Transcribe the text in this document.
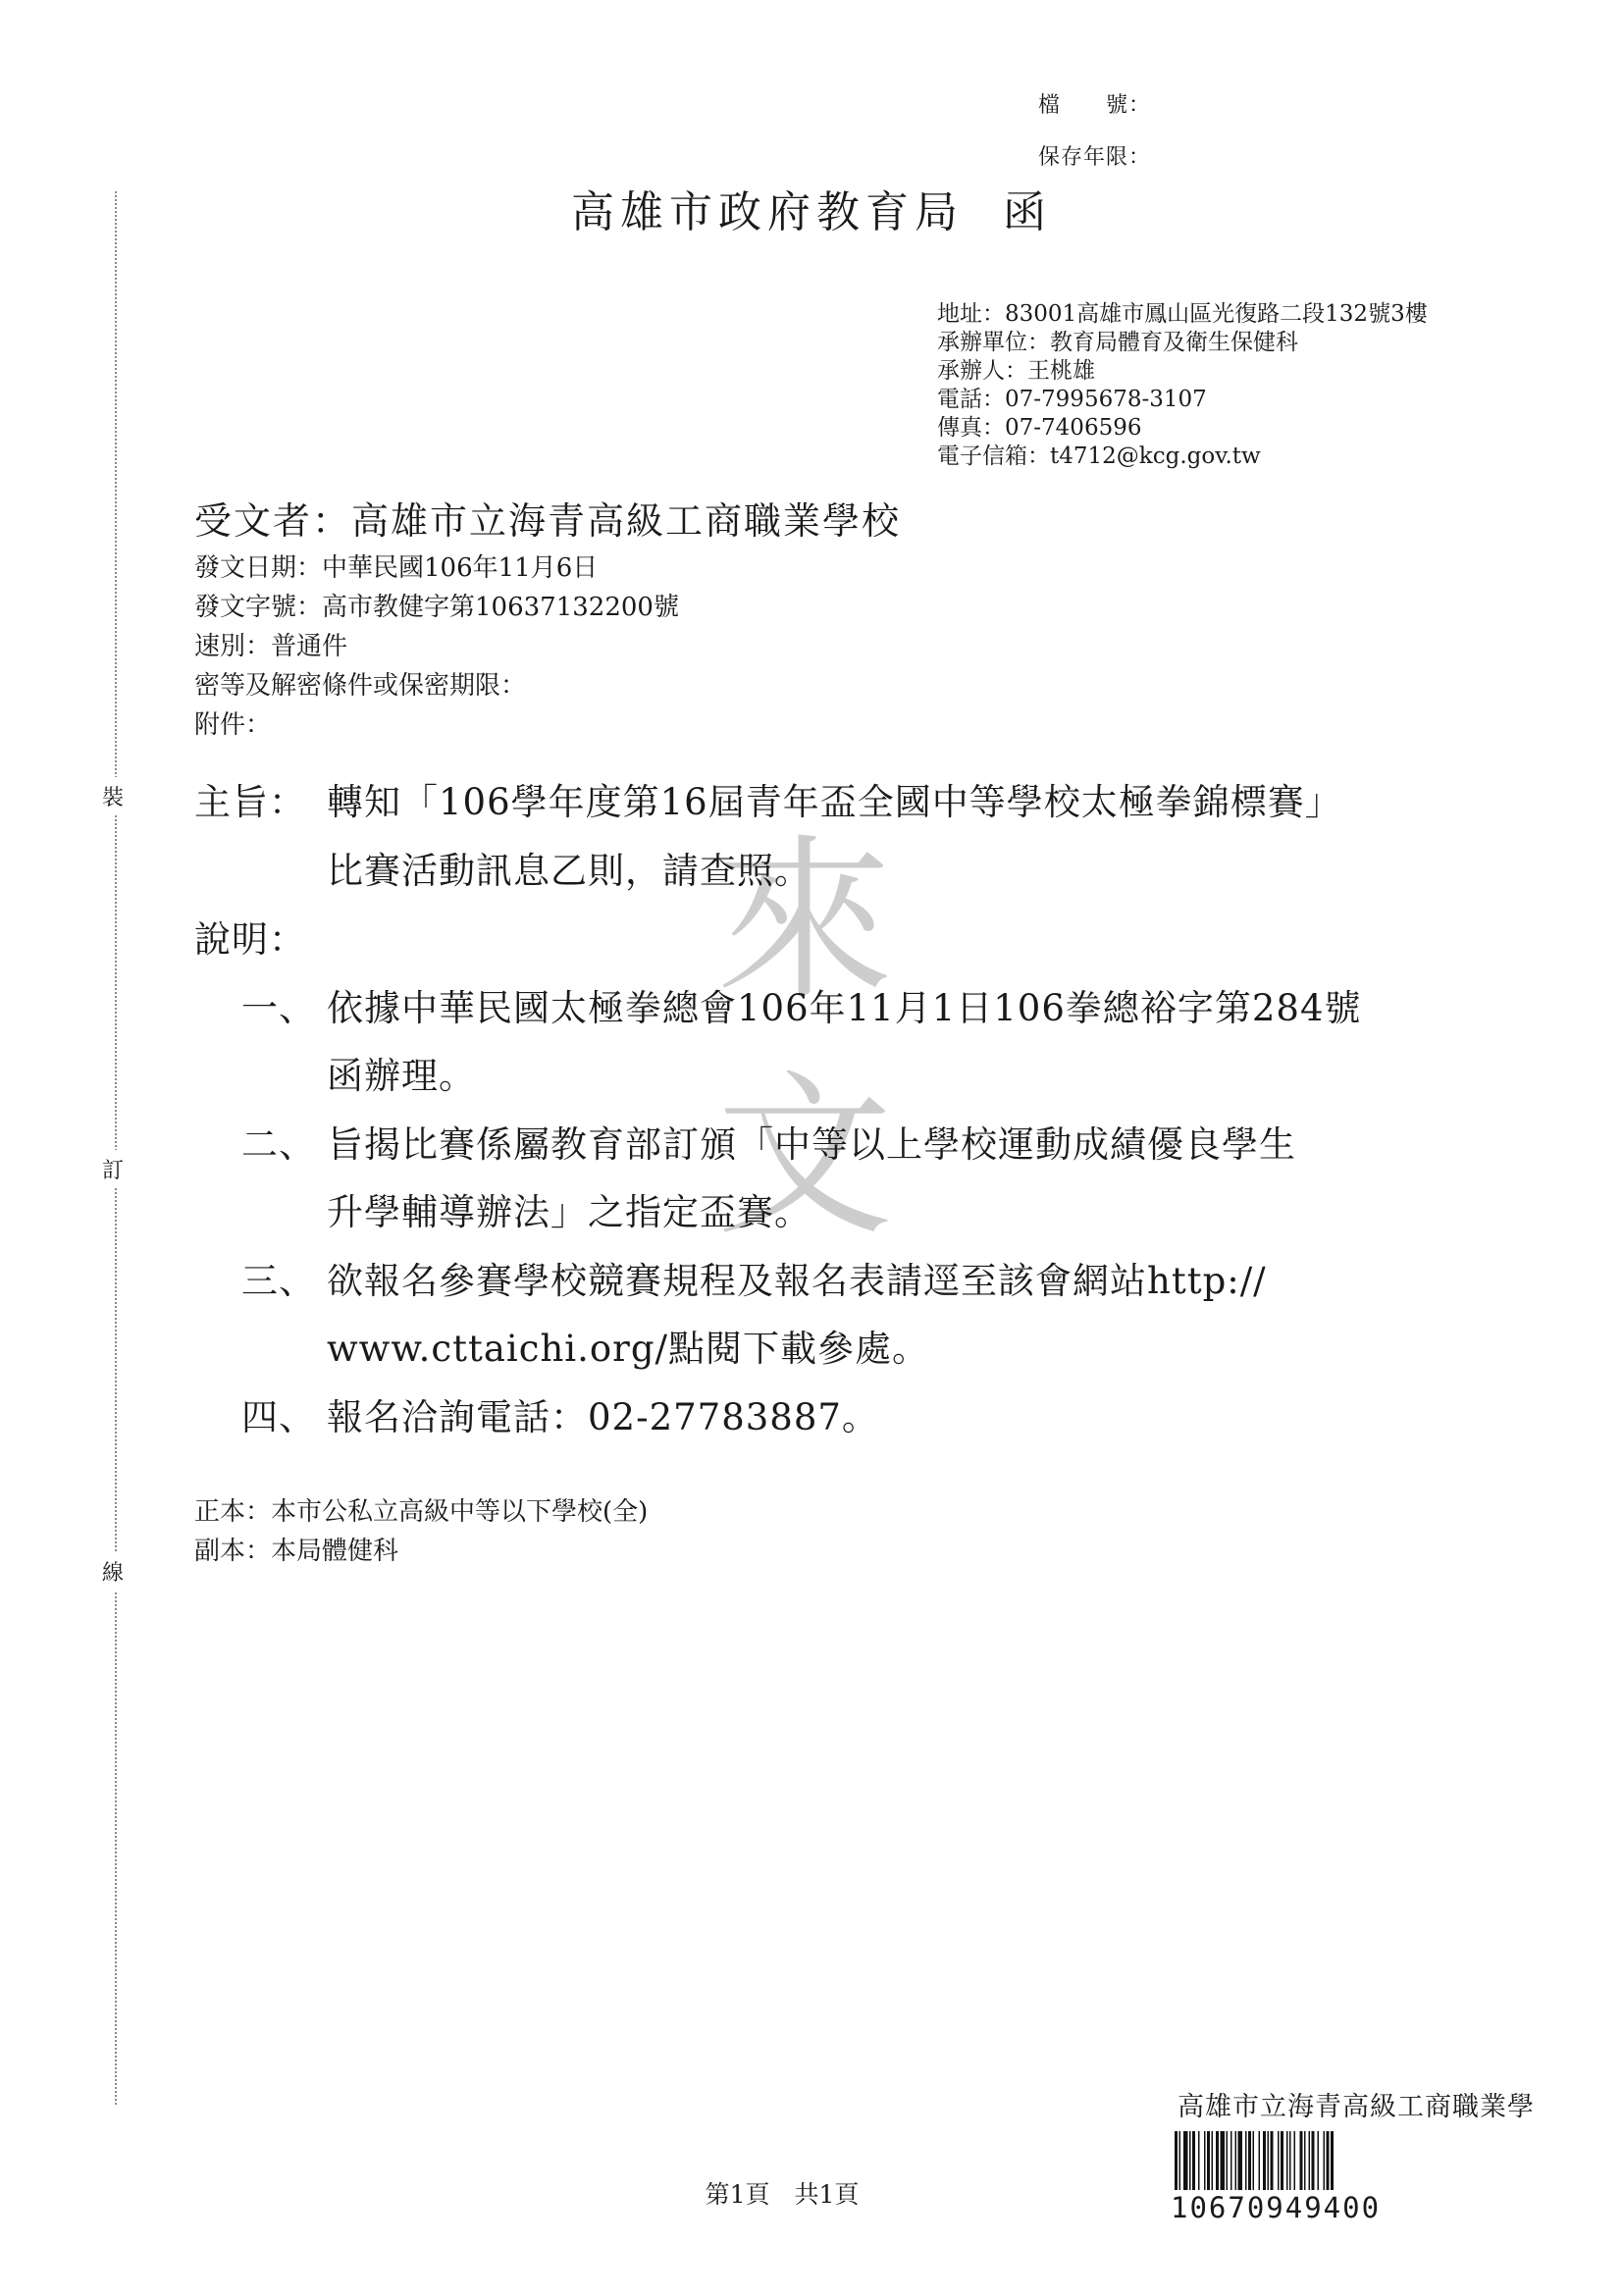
檔　　號：
保存年限：
高雄市政府教育局 函
地址：83001高雄市鳳山區光復路二段132號3樓
承辦單位：教育局體育及衛生保健科
承辦人：王桃雄
電話：07-7995678-3107
傳真：07-7406596
電子信箱：t4712@kcg.gov.tw
受文者：高雄市立海青高級工商職業學校
發文日期：中華民國106年11月6日
發文字號：高市教健字第10637132200號
速別：普通件
密等及解密條件或保密期限：
附件：
來
文
主旨： 轉知「106學年度第16屆青年盃全國中等學校太極拳錦標賽」
比賽活動訊息乙則，請查照。
說明：
一、 依據中華民國太極拳總會106年11月1日106拳總裕字第284號
函辦理。
二、 旨揭比賽係屬教育部訂頒「中等以上學校運動成績優良學生
升學輔導辦法」之指定盃賽。
三、 欲報名參賽學校競賽規程及報名表請逕至該會網站http://
www.cttaichi.org/點閱下載參處。
四、 報名洽詢電話：02-27783887。
正本：本市公私立高級中等以下學校(全)
副本：本局體健科
裝
訂
線
第1頁　共1頁
高雄市立海青高級工商職業學
10670949400
